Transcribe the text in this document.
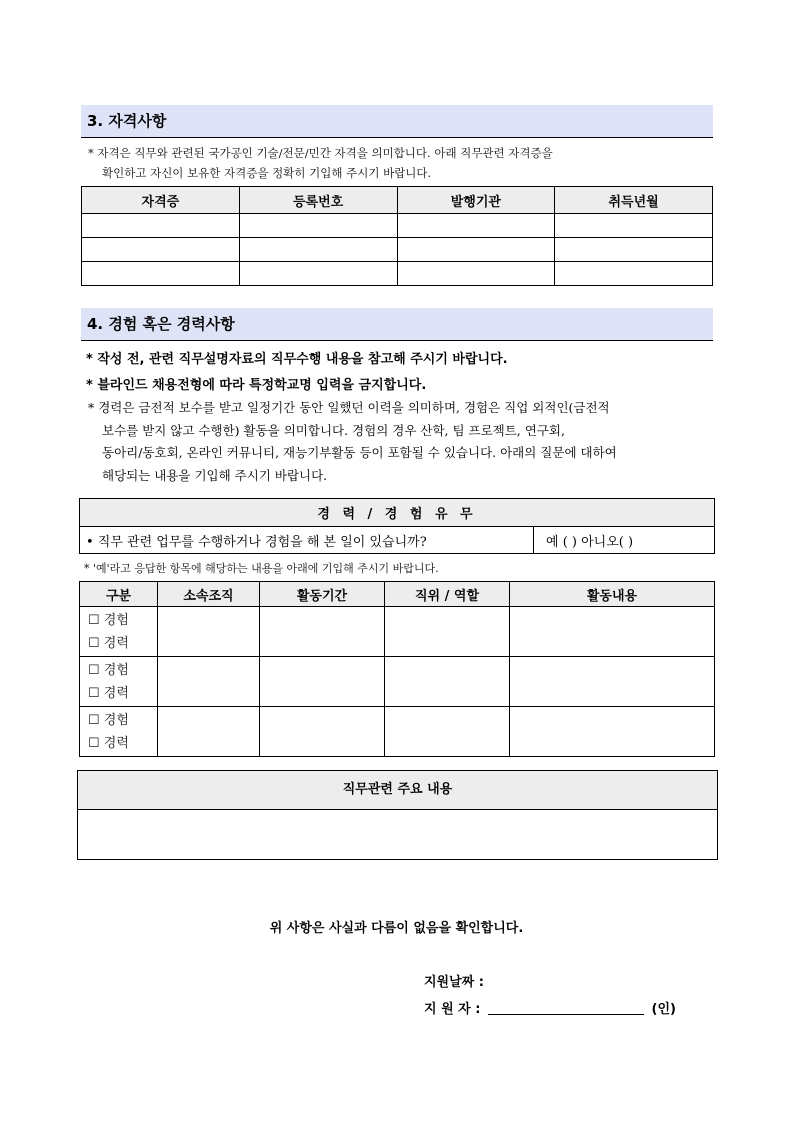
3. 자격사항
* 자격은 직무와 관련된 국가공인 기술/전문/민간 자격을 의미합니다. 아래 직무관련 자격증을
확인하고 자신이 보유한 자격증을 정확히 기입해 주시기 바랍니다.
자격증	등록번호	발행기관	취득년월

4. 경험 혹은 경력사항
* 작성 전, 관련 직무설명자료의 직무수행 내용을 참고해 주시기 바랍니다.
* 블라인드 채용전형에 따라 특정학교명 입력을 금지합니다.
* 경력은 금전적 보수를 받고 일정기간 동안 일했던 이력을 의미하며, 경험은 직업 외적인(금전적
보수를 받지 않고 수행한) 활동을 의미합니다. 경험의 경우 산학, 팀 프로젝트, 연구회,
동아리/동호회, 온라인 커뮤니티, 재능기부활동 등이 포함될 수 있습니다. 아래의 질문에 대하여
해당되는 내용을 기입해 주시기 바랍니다.
경 력 / 경 험 유 무
• 직무 관련 업무를 수행하거나 경험을 해 본 일이 있습니까?	예 ( ) 아니오( )
* '예'라고 응답한 항목에 해당하는 내용을 아래에 기입해 주시기 바랍니다.
구분	소속조직	활동기간	직위 / 역할	활동내용

☐ 경험
☐ 경력				

☐ 경험
☐ 경력				

☐ 경험
☐ 경력				

직무관련 주요 내용
위 사항은 사실과 다름이 없음을 확인합니다.
지원날짜 :
지 원 자 :	(인)
